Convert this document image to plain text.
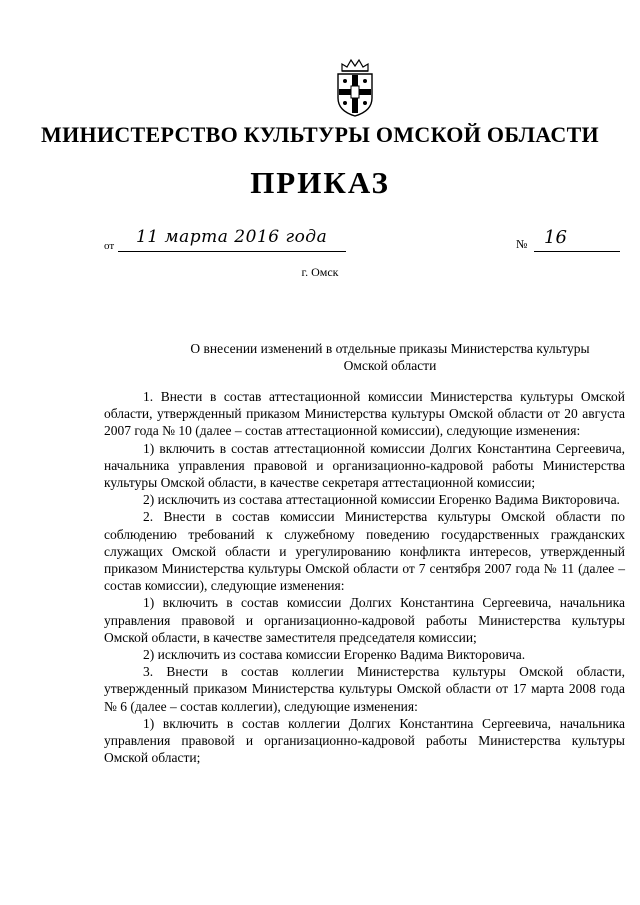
МИНИСТЕРСТВО КУЛЬТУРЫ ОМСКОЙ ОБЛАСТИ
ПРИКАЗ
от 11 марта 2016 года	№ 16
г. Омск
О внесении изменений в отдельные приказы Министерства культуры Омской области

1. Внести в состав аттестационной комиссии Министерства культуры Омской области, утвержденный приказом Министерства культуры Омской области от 20 августа 2007 года № 10 (далее – состав аттестационной комиссии), следующие изменения:

1) включить в состав аттестационной комиссии Долгих Константина Сергеевича, начальника управления правовой и организационно-кадровой работы Министерства культуры Омской области, в качестве секретаря аттестационной комиссии;

2) исключить из состава аттестационной комиссии Егоренко Вадима Викторовича.

2. Внести в состав комиссии Министерства культуры Омской области по соблюдению требований к служебному поведению государственных гражданских служащих Омской области и урегулированию конфликта интересов, утвержденный приказом Министерства культуры Омской области от 7 сентября 2007 года № 11 (далее – состав комиссии), следующие изменения:

1) включить в состав комиссии Долгих Константина Сергеевича, начальника управления правовой и организационно-кадровой работы Министерства культуры Омской области, в качестве заместителя председателя комиссии;

2) исключить из состава комиссии Егоренко Вадима Викторовича.

3. Внести в состав коллегии Министерства культуры Омской области, утвержденный приказом Министерства культуры Омской области от 17 марта 2008 года № 6 (далее – состав коллегии), следующие изменения:

1) включить в состав коллегии Долгих Константина Сергеевича, начальника управления правовой и организационно-кадровой работы Министерства культуры Омской области;
